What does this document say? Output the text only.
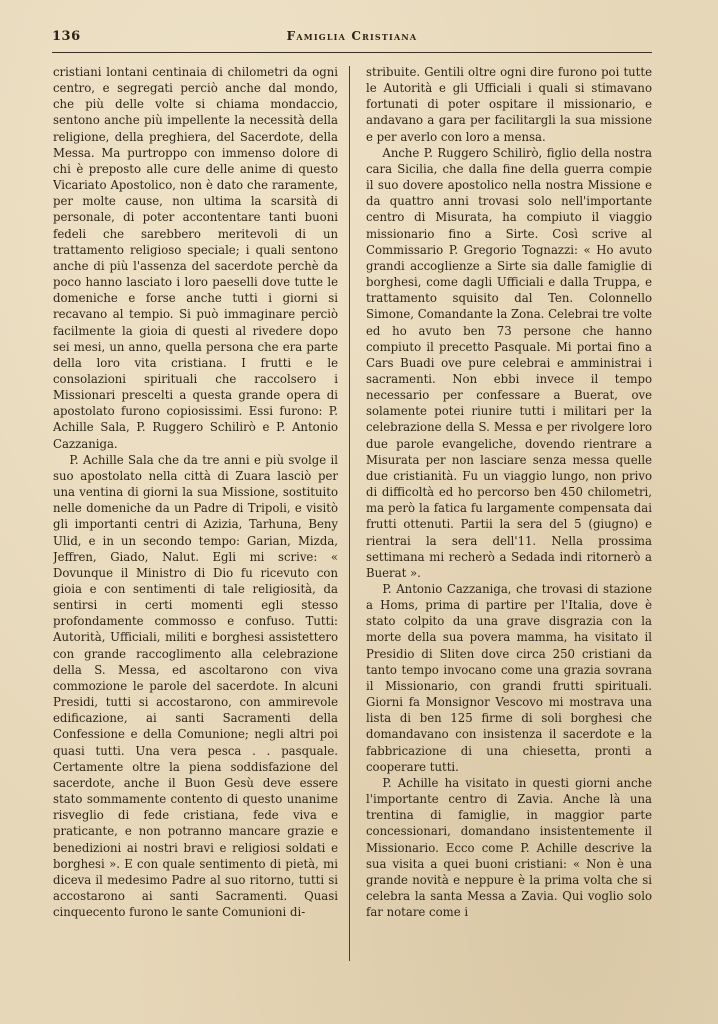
136	Famiglia Cristiana

cristiani lontani centinaia di chilometri da ogni centro, e segregati perciò anche dal mondo, che più delle volte si chiama mondaccio, sentono anche più impellente la necessità della religione, della preghiera, del Sacerdote, della Messa. Ma purtroppo con immenso dolore di chi è preposto alle cure delle anime di questo Vicariato Apostolico, non è dato che raramente, per molte cause, non ultima la scarsità di personale, di poter accontentare tanti buoni fedeli che sarebbero meritevoli di un trattamento religioso speciale; i quali sentono anche di più l'assenza del sacerdote perchè da poco hanno lasciato i loro paeselli dove tutte le domeniche e forse anche tutti i giorni si recavano al tempio. Si può immaginare perciò facilmente la gioia di questi al rivedere dopo sei mesi, un anno, quella persona che era parte della loro vita cristiana. I frutti e le consolazioni spirituali che raccolsero i Missionari prescelti a questa grande opera di apostolato furono copiosissimi. Essi furono: P. Achille Sala, P. Ruggero Schilirò e P. Antonio Cazzaniga.

P. Achille Sala che da tre anni e più svolge il suo apostolato nella città di Zuara lasciò per una ventina di giorni la sua Missione, sostituito nelle domeniche da un Padre di Tripoli, e visitò gli importanti centri di Azizia, Tarhuna, Beny Ulid, e in un secondo tempo: Garian, Mizda, Jeffren, Giado, Nalut. Egli mi scrive: « Dovunque il Ministro di Dio fu ricevuto con gioia e con sentimenti di tale religiosità, da sentirsi in certi momenti egli stesso profondamente commosso e confuso. Tutti: Autorità, Ufficiali, militi e borghesi assistettero con grande raccoglimento alla celebrazione della S. Messa, ed ascoltarono con viva commozione le parole del sacerdote. In alcuni Presidi, tutti si accostarono, con ammirevole edificazione, ai santi Sacramenti della Confessione e della Comunione; negli altri poi quasi tutti. Una vera pesca . . pasquale. Certamente oltre la piena soddisfazione del sacerdote, anche il Buon Gesù deve essere stato sommamente contento di questo unanime risveglio di fede cristiana, fede viva e praticante, e non potranno mancare grazie e benedizioni ai nostri bravi e religiosi soldati e borghesi ». E con quale sentimento di pietà, mi diceva il medesimo Padre al suo ritorno, tutti si accostarono ai santi Sacramenti. Quasi cinquecento furono le sante Comunioni di-

stribuite. Gentili oltre ogni dire furono poi tutte le Autorità e gli Ufficiali i quali si stimavano fortunati di poter ospitare il missionario, e andavano a gara per facilitargli la sua missione e per averlo con loro a mensa.

Anche P. Ruggero Schilirò, figlio della nostra cara Sicilia, che dalla fine della guerra compie il suo dovere apostolico nella nostra Missione e da quattro anni trovasi solo nell'importante centro di Misurata, ha compiuto il viaggio missionario fino a Sirte. Così scrive al Commissario P. Gregorio Tognazzi: « Ho avuto grandi accoglienze a Sirte sia dalle famiglie di borghesi, come dagli Ufficiali e dalla Truppa, e trattamento squisito dal Ten. Colonnello Simone, Comandante la Zona. Celebrai tre volte ed ho avuto ben 73 persone che hanno compiuto il precetto Pasquale. Mi portai fino a Cars Buadi ove pure celebrai e amministrai i sacramenti. Non ebbi invece il tempo necessario per confessare a Buerat, ove solamente potei riunire tutti i militari per la celebrazione della S. Messa e per rivolgere loro due parole evangeliche, dovendo rientrare a Misurata per non lasciare senza messa quelle due cristianità. Fu un viaggio lungo, non privo di difficoltà ed ho percorso ben 450 chilometri, ma però la fatica fu largamente compensata dai frutti ottenuti. Partii la sera del 5 (giugno) e rientrai la sera dell'11. Nella prossima settimana mi recherò a Sedada indi ritornerò a Buerat ».

P. Antonio Cazzaniga, che trovasi di stazione a Homs, prima di partire per l'Italia, dove è stato colpito da una grave disgrazia con la morte della sua povera mamma, ha visitato il Presidio di Sliten dove circa 250 cristiani da tanto tempo invocano come una grazia sovrana il Missionario, con grandi frutti spirituali. Giorni fa Monsignor Vescovo mi mostrava una lista di ben 125 firme di soli borghesi che domandavano con insistenza il sacerdote e la fabbricazione di una chiesetta, pronti a cooperare tutti.

P. Achille ha visitato in questi giorni anche l'importante centro di Zavia. Anche là una trentina di famiglie, in maggior parte concessionari, domandano insistentemente il Missionario. Ecco come P. Achille descrive la sua visita a quei buoni cristiani: « Non è una grande novità e neppure è la prima volta che si celebra la santa Messa a Zavia. Qui voglio solo far notare come i
